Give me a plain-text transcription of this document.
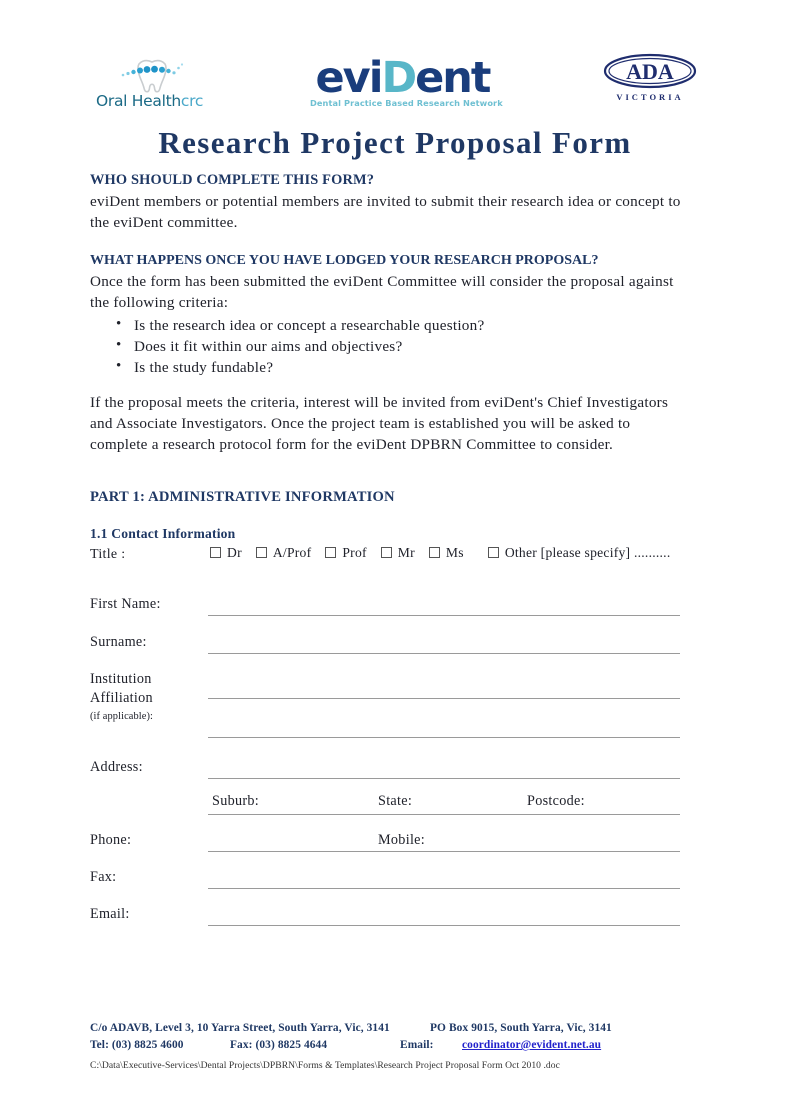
Oral Healthcrc	eviDent
Dental Practice Based Research Network
ADA
VICTORIA
Research Project Proposal Form
WHO SHOULD COMPLETE THIS FORM?

eviDent members or potential members are invited to submit their research idea or concept to the eviDent committee.

WHAT HAPPENS ONCE YOU HAVE LODGED YOUR RESEARCH PROPOSAL?

Once the form has been submitted the eviDent Committee will consider the proposal against the following criteria:

• Is the research idea or concept a researchable question?
• Does it fit within our aims and objectives?
• Is the study fundable?

If the proposal meets the criteria, interest will be invited from eviDent's Chief Investigators and Associate Investigators. Once the project team is established you will be asked to complete a research protocol form for the eviDent DPBRN Committee to consider.

PART 1: ADMINISTRATIVE INFORMATION
1.1 Contact Information
Title :	Dr A/Prof Prof Mr Ms	Other [please specify] ..........
First Name:
Surname:
Institution
Affiliation
(if applicable):
Address:
Suburb:	State:	Postcode:
Phone:	Mobile:
Fax:
Email:
C/o ADAVB, Level 3, 10 Yarra Street, South Yarra, Vic, 3141	PO Box 9015, South Yarra, Vic, 3141
Tel: (03) 8825 4600	Fax: (03) 8825 4644	Email: coordinator@evident.net.au
C:\Data\Executive-Services\Dental Projects\DPBRN\Forms & Templates\Research Project Proposal Form Oct 2010 .doc
